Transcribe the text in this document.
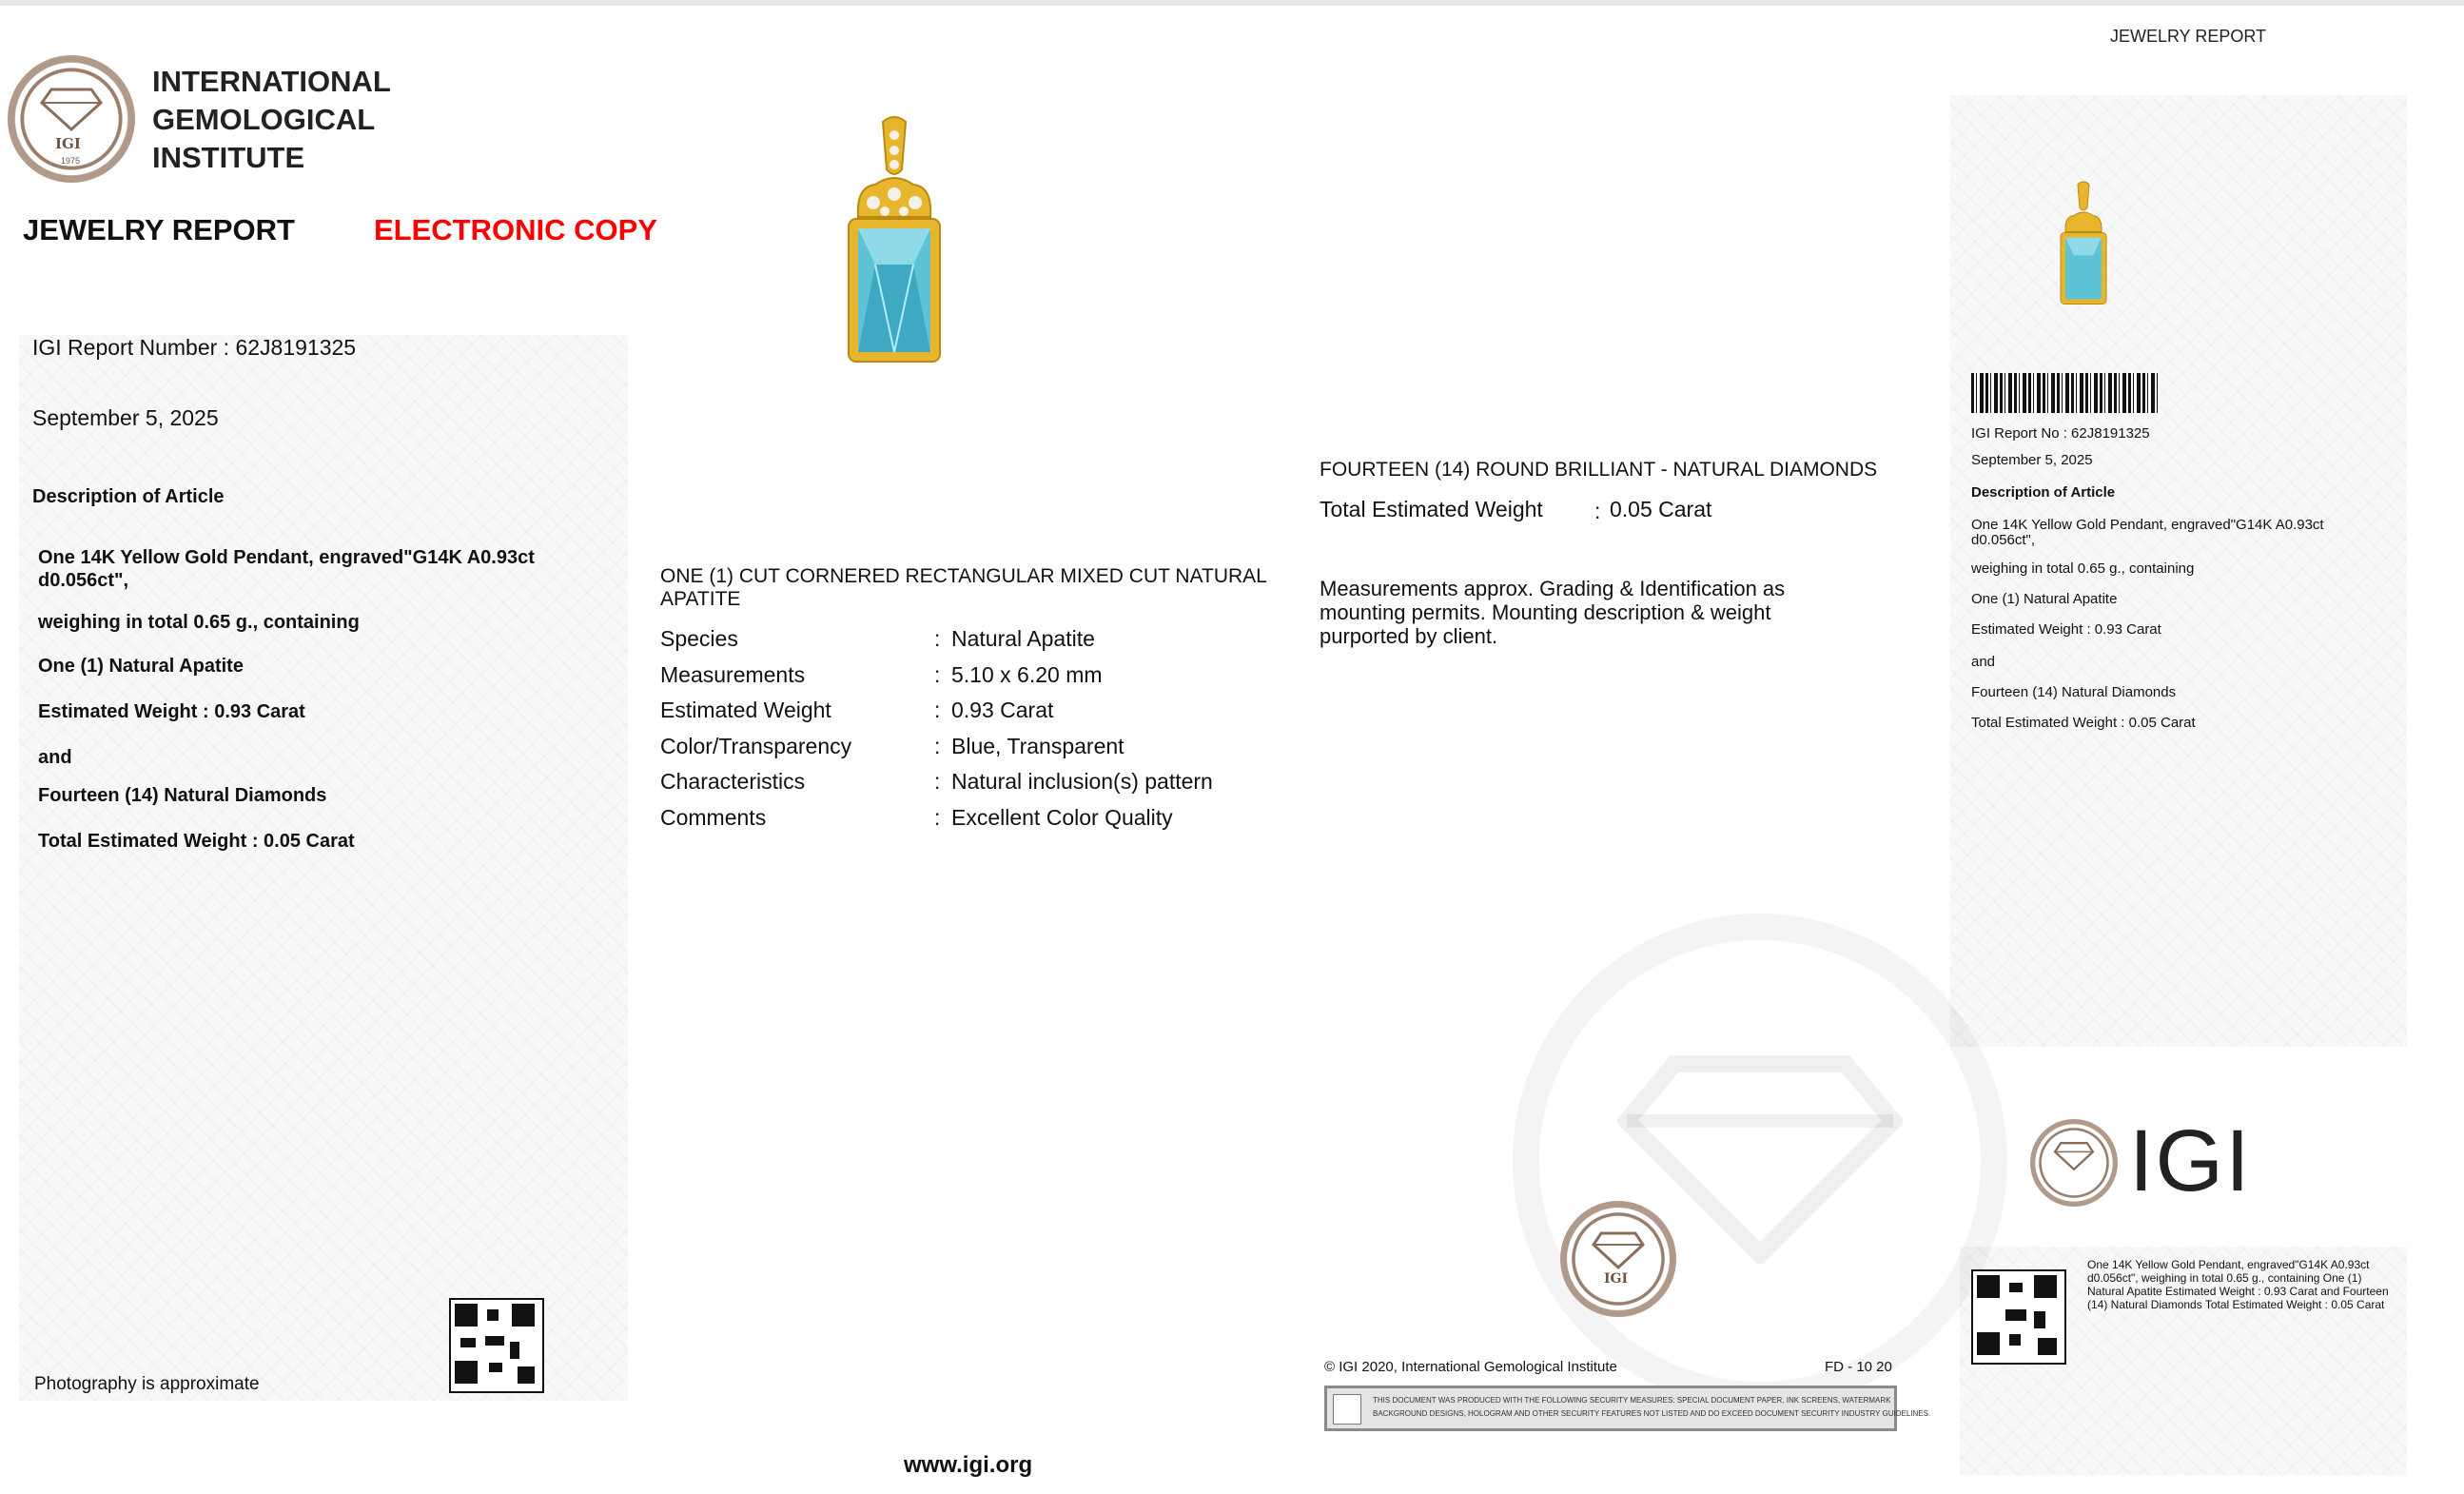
IGI
1975
INTERNATIONAL
GEMOLOGICAL
INSTITUTE
JEWELRY REPORT	ELECTRONIC COPY
JEWELRY REPORT
IGI Report Number : 62J8191325
September 5, 2025
Description of Article
One 14K Yellow Gold Pendant, engraved"G14K A0.93ct d0.056ct",
weighing in total 0.65 g., containing
One (1) Natural Apatite
Estimated Weight : 0.93 Carat
and
Fourteen (14) Natural Diamonds
Total Estimated Weight : 0.05 Carat
Photography is approximate
ONE (1) CUT CORNERED RECTANGULAR MIXED CUT NATURAL APATITE
Species	: Natural Apatite
Measurements	: 5.10 x 6.20 mm
Estimated Weight	: 0.93 Carat
Color/Transparency	: Blue, Transparent
Characteristics	: Natural inclusion(s) pattern
Comments	: Excellent Color Quality
FOURTEEN (14) ROUND BRILLIANT - NATURAL DIAMONDS
Total Estimated Weight : 0.05 Carat
Measurements approx. Grading & Identification as mounting permits. Mounting description & weight purported by client.
IGI
© IGI 2020, International Gemological Institute	FD - 10 20
THIS DOCUMENT WAS PRODUCED WITH THE FOLLOWING SECURITY MEASURES: SPECIAL DOCUMENT PAPER, INK SCREENS, WATERMARK
BACKGROUND DESIGNS, HOLOGRAM AND OTHER SECURITY FEATURES NOT LISTED AND DO EXCEED DOCUMENT SECURITY INDUSTRY GUIDELINES.
www.igi.org
IGI Report No : 62J8191325
September 5, 2025
Description of Article
One 14K Yellow Gold Pendant, engraved"G14K A0.93ct d0.056ct",
weighing in total 0.65 g., containing
One (1) Natural Apatite
Estimated Weight : 0.93 Carat
and
Fourteen (14) Natural Diamonds
Total Estimated Weight : 0.05 Carat
IGI
One 14K Yellow Gold Pendant, engraved"G14K A0.93ct d0.056ct", weighing in total 0.65 g., containing One (1) Natural Apatite Estimated Weight : 0.93 Carat and Fourteen (14) Natural Diamonds Total Estimated Weight : 0.05 Carat
